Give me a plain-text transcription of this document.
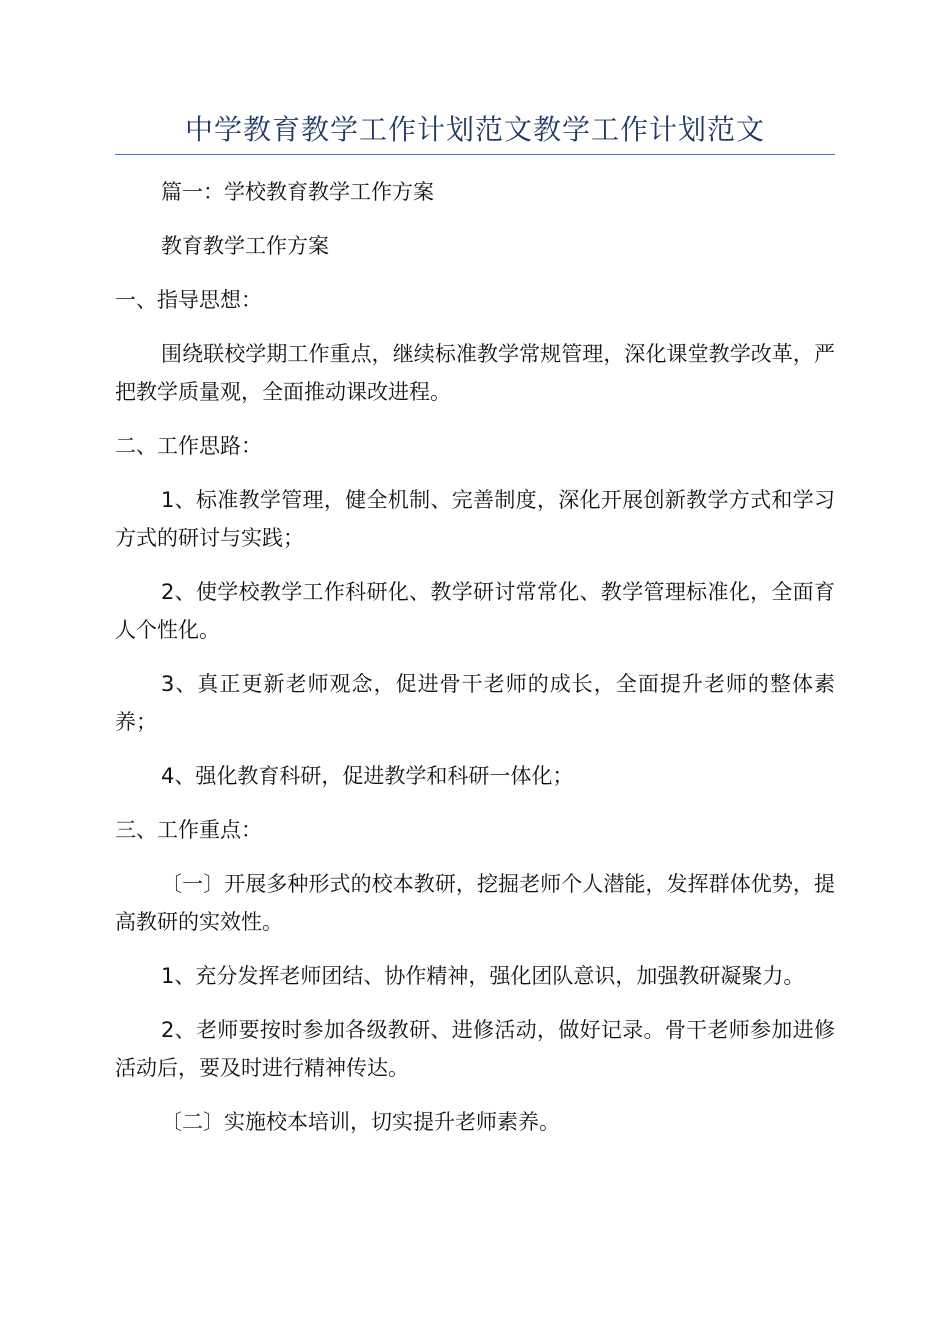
中学教育教学工作计划范文教学工作计划范文

篇一：学校教育教学工作方案

教育教学工作方案

一、指导思想：

围绕联校学期工作重点，继续标准教学常规管理，深化课堂教学改革，严把教学质量观，全面推动课改进程。

二、工作思路：

1、标准教学管理，健全机制、完善制度，深化开展创新教学方式和学习方式的研讨与实践；

2、使学校教学工作科研化、教学研讨常常化、教学管理标准化，全面育人个性化。

3、真正更新老师观念，促进骨干老师的成长，全面提升老师的整体素养；

4、强化教育科研，促进教学和科研一体化；

三、工作重点：

〔一〕开展多种形式的校本教研，挖掘老师个人潜能，发挥群体优势，提高教研的实效性。

1、充分发挥老师团结、协作精神，强化团队意识，加强教研凝聚力。

2、老师要按时参加各级教研、进修活动，做好记录。骨干老师参加进修活动后，要及时进行精神传达。

〔二〕实施校本培训，切实提升老师素养。
